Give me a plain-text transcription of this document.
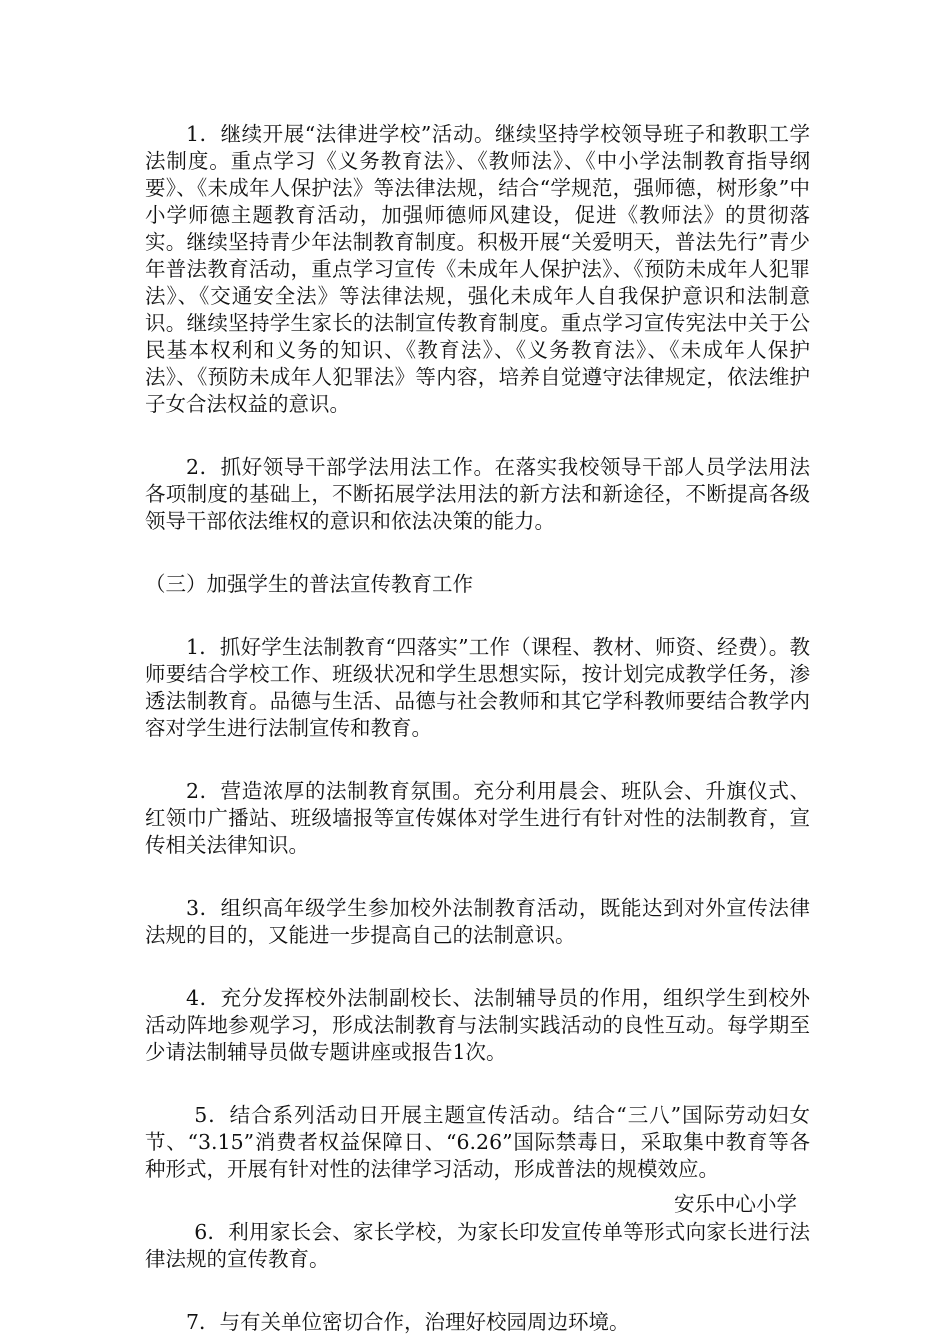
1．继续开展“法律进学校”活动。继续坚持学校领导班子和教职工学法制度。重点学习《义务教育法》、《教师法》、《中小学法制教育指导纲要》、《未成年人保护法》等法律法规，结合“学规范，强师德，树形象”中小学师德主题教育活动，加强师德师风建设，促进《教师法》的贯彻落实。继续坚持青少年法制教育制度。积极开展“关爱明天，普法先行”青少年普法教育活动，重点学习宣传《未成年人保护法》、《预防未成年人犯罪法》、《交通安全法》等法律法规，强化未成年人自我保护意识和法制意识。继续坚持学生家长的法制宣传教育制度。重点学习宣传宪法中关于公民基本权利和义务的知识、《教育法》、《义务教育法》、《未成年人保护法》、《预防未成年人犯罪法》等内容，培养自觉遵守法律规定，依法维护子女合法权益的意识。

2．抓好领导干部学法用法工作。在落实我校领导干部人员学法用法各项制度的基础上，不断拓展学法用法的新方法和新途径，不断提高各级领导干部依法维权的意识和依法决策的能力。

（三）加强学生的普法宣传教育工作

1．抓好学生法制教育“四落实”工作（课程、教材、师资、经费）。教师要结合学校工作、班级状况和学生思想实际，按计划完成教学任务，渗透法制教育。品德与生活、品德与社会教师和其它学科教师要结合教学内容对学生进行法制宣传和教育。

2．营造浓厚的法制教育氛围。充分利用晨会、班队会、升旗仪式、红领巾广播站、班级墙报等宣传媒体对学生进行有针对性的法制教育，宣传相关法律知识。

3．组织高年级学生参加校外法制教育活动，既能达到对外宣传法律法规的目的，又能进一步提高自己的法制意识。

4．充分发挥校外法制副校长、法制辅导员的作用，组织学生到校外活动阵地参观学习，形成法制教育与法制实践活动的良性互动。每学期至少请法制辅导员做专题讲座或报告1次。

5．结合系列活动日开展主题宣传活动。结合“三八”国际劳动妇女节、“3.15”消费者权益保障日、“6.26”国际禁毒日，采取集中教育等各种形式，开展有针对性的法律学习活动，形成普法的规模效应。

6．利用家长会、家长学校，为家长印发宣传单等形式向家长进行法律法规的宣传教育。

7．与有关单位密切合作，治理好校园周边环境。

安乐中心小学
